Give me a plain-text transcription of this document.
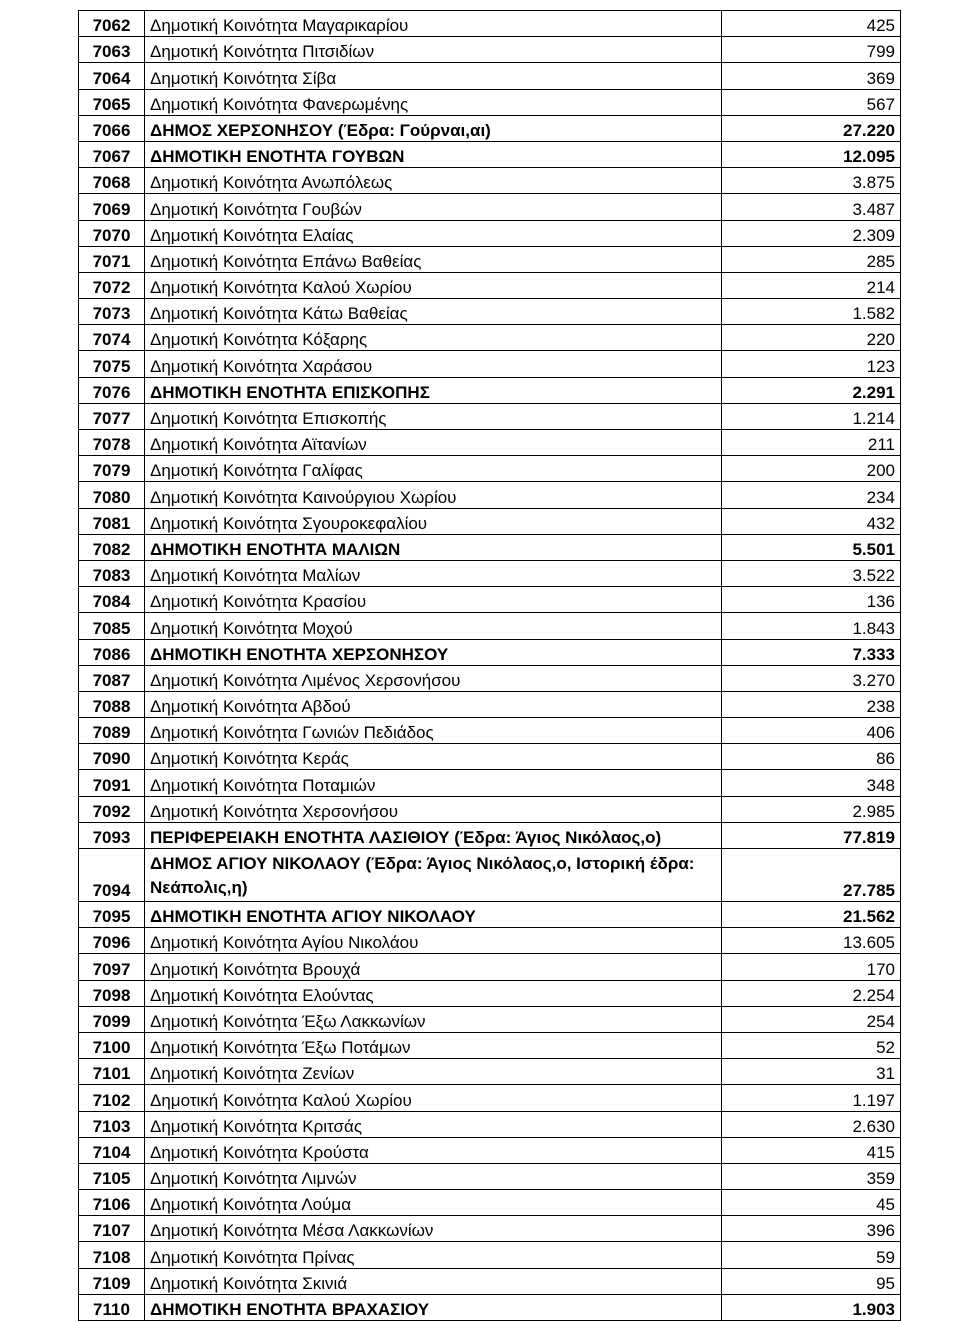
7062	Δημοτική Κοινότητα Μαγαρικαρίου	425
7063	Δημοτική Κοινότητα Πιτσιδίων	799
7064	Δημοτική Κοινότητα Σίβα	369
7065	Δημοτική Κοινότητα Φανερωμένης	567
7066	ΔΗΜΟΣ ΧΕΡΣΟΝΗΣΟΥ (Έδρα: Γούρναι,αι)	27.220
7067	ΔΗΜΟΤΙΚΗ ΕΝΟΤΗΤΑ ΓΟΥΒΩΝ	12.095
7068	Δημοτική Κοινότητα Ανωπόλεως	3.875
7069	Δημοτική Κοινότητα Γουβών	3.487
7070	Δημοτική Κοινότητα Ελαίας	2.309
7071	Δημοτική Κοινότητα Επάνω Βαθείας	285
7072	Δημοτική Κοινότητα Καλού Χωρίου	214
7073	Δημοτική Κοινότητα Κάτω Βαθείας	1.582
7074	Δημοτική Κοινότητα Κόξαρης	220
7075	Δημοτική Κοινότητα Χαράσου	123
7076	ΔΗΜΟΤΙΚΗ ΕΝΟΤΗΤΑ ΕΠΙΣΚΟΠΗΣ	2.291
7077	Δημοτική Κοινότητα Επισκοπής	1.214
7078	Δημοτική Κοινότητα Αϊτανίων	211
7079	Δημοτική Κοινότητα Γαλίφας	200
7080	Δημοτική Κοινότητα Καινούργιου Χωρίου	234
7081	Δημοτική Κοινότητα Σγουροκεφαλίου	432
7082	ΔΗΜΟΤΙΚΗ ΕΝΟΤΗΤΑ ΜΑΛΙΩΝ	5.501
7083	Δημοτική Κοινότητα Μαλίων	3.522
7084	Δημοτική Κοινότητα Κρασίου	136
7085	Δημοτική Κοινότητα Μοχού	1.843
7086	ΔΗΜΟΤΙΚΗ ΕΝΟΤΗΤΑ ΧΕΡΣΟΝΗΣΟΥ	7.333
7087	Δημοτική Κοινότητα Λιμένος Χερσονήσου	3.270
7088	Δημοτική Κοινότητα Αβδού	238
7089	Δημοτική Κοινότητα Γωνιών Πεδιάδος	406
7090	Δημοτική Κοινότητα Κεράς	86
7091	Δημοτική Κοινότητα Ποταμιών	348
7092	Δημοτική Κοινότητα Χερσονήσου	2.985
7093	ΠΕΡΙΦΕΡΕΙΑΚΗ ΕΝΟΤΗΤΑ ΛΑΣΙΘΙΟΥ (Έδρα: Άγιος Νικόλαος,ο)	77.819
7094	ΔΗΜΟΣ ΑΓΙΟΥ ΝΙΚΟΛΑΟΥ (Έδρα: Άγιος Νικόλαος,ο, Ιστορική έδρα: Νεάπολις,η)	27.785
7095	ΔΗΜΟΤΙΚΗ ΕΝΟΤΗΤΑ ΑΓΙΟΥ ΝΙΚΟΛΑΟΥ	21.562
7096	Δημοτική Κοινότητα Αγίου Νικολάου	13.605
7097	Δημοτική Κοινότητα Βρουχά	170
7098	Δημοτική Κοινότητα Ελούντας	2.254
7099	Δημοτική Κοινότητα Έξω Λακκωνίων	254
7100	Δημοτική Κοινότητα Έξω Ποτάμων	52
7101	Δημοτική Κοινότητα Ζενίων	31
7102	Δημοτική Κοινότητα Καλού Χωρίου	1.197
7103	Δημοτική Κοινότητα Κριτσάς	2.630
7104	Δημοτική Κοινότητα Κρούστα	415
7105	Δημοτική Κοινότητα Λιμνών	359
7106	Δημοτική Κοινότητα Λούμα	45
7107	Δημοτική Κοινότητα Μέσα Λακκωνίων	396
7108	Δημοτική Κοινότητα Πρίνας	59
7109	Δημοτική Κοινότητα Σκινιά	95
7110	ΔΗΜΟΤΙΚΗ ΕΝΟΤΗΤΑ ΒΡΑΧΑΣΙΟΥ	1.903
